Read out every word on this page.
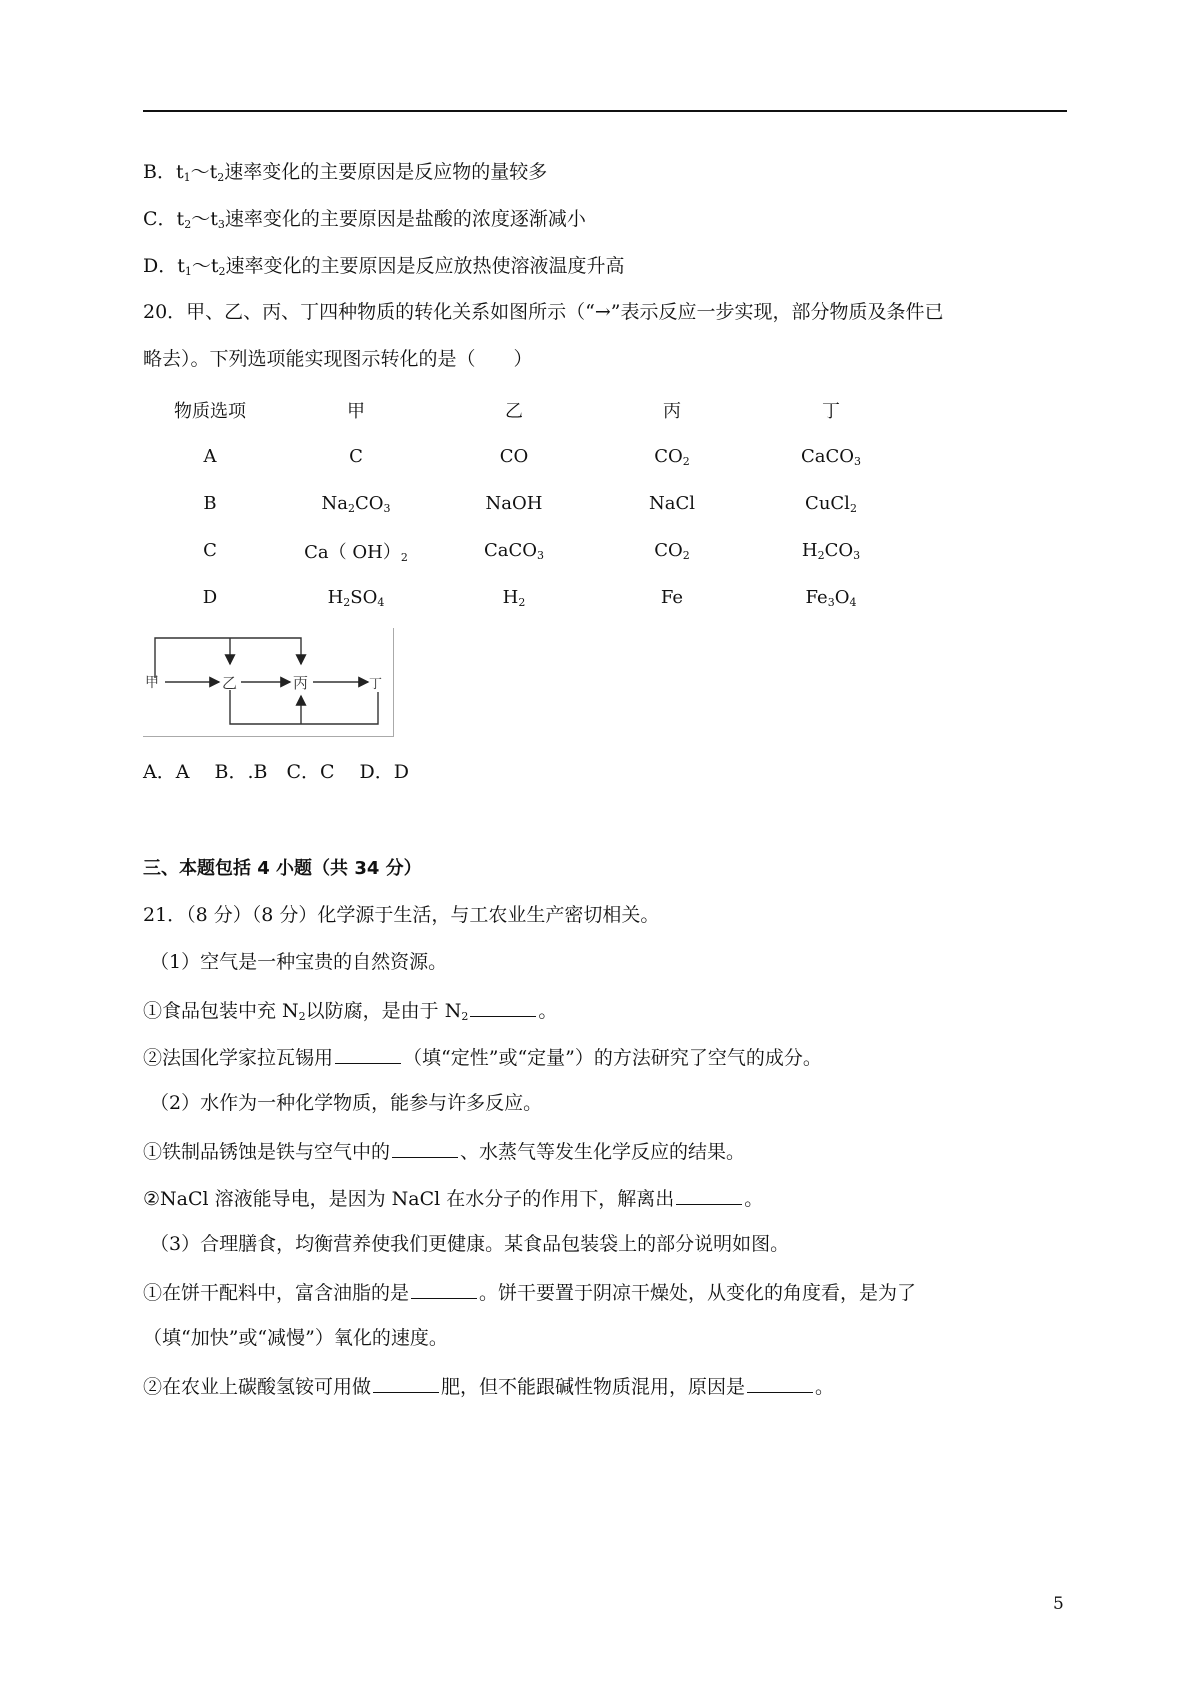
B．$t_1\sim t_2$速率变化的主要原因是反应物的量较多
C．$t_2\sim t_3$速率变化的主要原因是盐酸的浓度逐渐减小
D．$t_1\sim t_2$速率变化的主要原因是反应放热使溶液温度升高
20．甲、乙、丙、丁四种物质的转化关系如图所示（“→”表示反应一步实现，部分物质及条件已
略去）。下列选项能实现图示转化的是（　　）
物质选项	甲	乙	丙	丁
A	C	CO	$CO_2$	CaCO$_3$
B	$Na_2CO_3$	NaOH	NaCl	CuCl$_2$
C	Ca（ $OH)_2$	CaCO$_3$	$CO_2$	$H_2CO_3$
D	$H_2SO_4$	$H_2$	Fe	$Fe_3O_4$
甲	乙	丙	丁
A．A　 B．.B　C．C　 D．D
三、本题包括 4 小题（共 34 分）
21．（8 分）（8 分）化学源于生活，与工农业生产密切相关。
（1）空气是一种宝贵的自然资源。
①食品包装中充 $N_2$以防腐，是由于 $N_2$	。
②法国化学家拉瓦锡用	（填“定性”或“定量”）的方法研究了空气的成分。
（2）水作为一种化学物质，能参与许多反应。
①铁制品锈蚀是铁与空气中的	、水蒸气等发生化学反应的结果。
②NaCl 溶液能导电，是因为 NaCl 在水分子的作用下，解离出	。
（3）合理膳食，均衡营养使我们更健康。某食品包装袋上的部分说明如图。
①在饼干配料中，富含油脂的是	。饼干要置于阴凉干燥处，从变化的角度看，是为了
（填“加快”或“减慢”）氧化的速度。
②在农业上碳酸氢铵可用做	肥，但不能跟碱性物质混用，原因是	。
5
